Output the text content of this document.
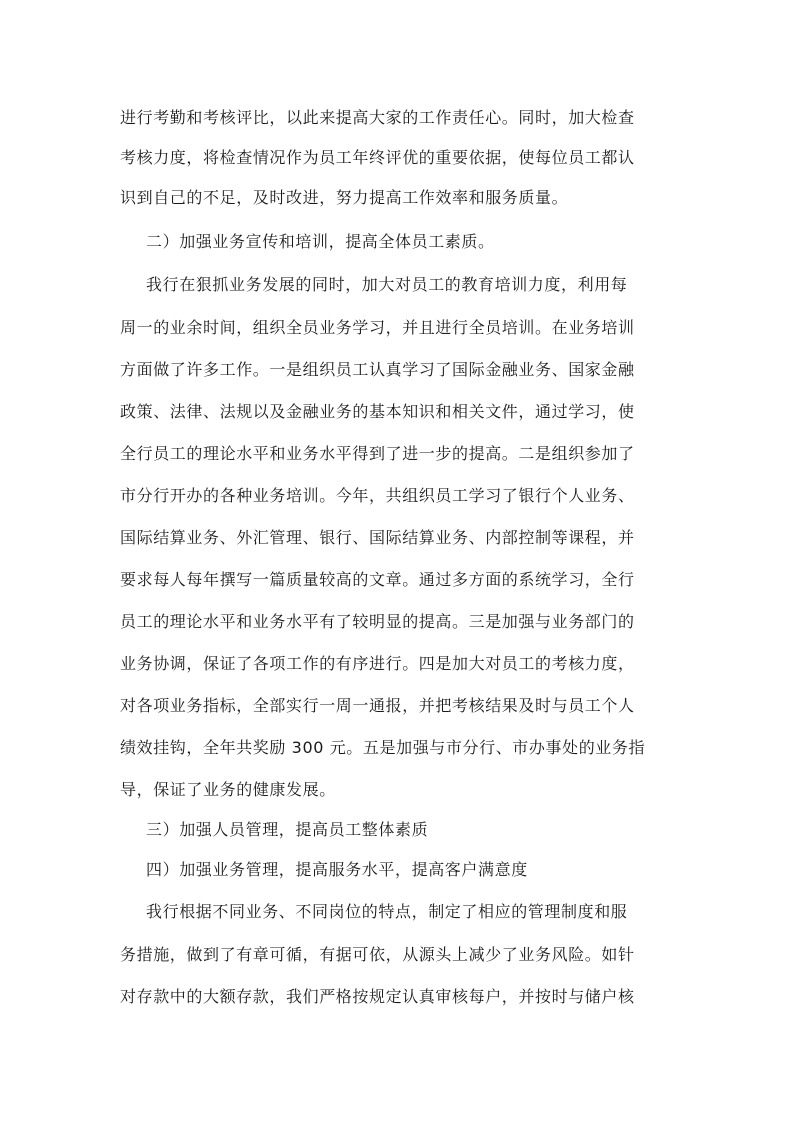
进行考勤和考核评比，以此来提高大家的工作责任心。同时，加大检查
考核力度，将检查情况作为员工年终评优的重要依据，使每位员工都认
识到自己的不足，及时改进，努力提高工作效率和服务质量。
二）加强业务宣传和培训，提高全体员工素质。
我行在狠抓业务发展的同时，加大对员工的教育培训力度，利用每
周一的业余时间，组织全员业务学习，并且进行全员培训。在业务培训
方面做了许多工作。一是组织员工认真学习了国际金融业务、国家金融
政策、法律、法规以及金融业务的基本知识和相关文件，通过学习，使
全行员工的理论水平和业务水平得到了进一步的提高。二是组织参加了
市分行开办的各种业务培训。今年，共组织员工学习了银行个人业务、
国际结算业务、外汇管理、银行、国际结算业务、内部控制等课程，并
要求每人每年撰写一篇质量较高的文章。通过多方面的系统学习，全行
员工的理论水平和业务水平有了较明显的提高。三是加强与业务部门的
业务协调，保证了各项工作的有序进行。四是加大对员工的考核力度，
对各项业务指标，全部实行一周一通报，并把考核结果及时与员工个人
绩效挂钩，全年共奖励 300 元。五是加强与市分行、市办事处的业务指
导，保证了业务的健康发展。
三）加强人员管理，提高员工整体素质
四）加强业务管理，提高服务水平，提高客户满意度
我行根据不同业务、不同岗位的特点，制定了相应的管理制度和服
务措施，做到了有章可循，有据可依，从源头上减少了业务风险。如针
对存款中的大额存款，我们严格按规定认真审核每户，并按时与储户核
